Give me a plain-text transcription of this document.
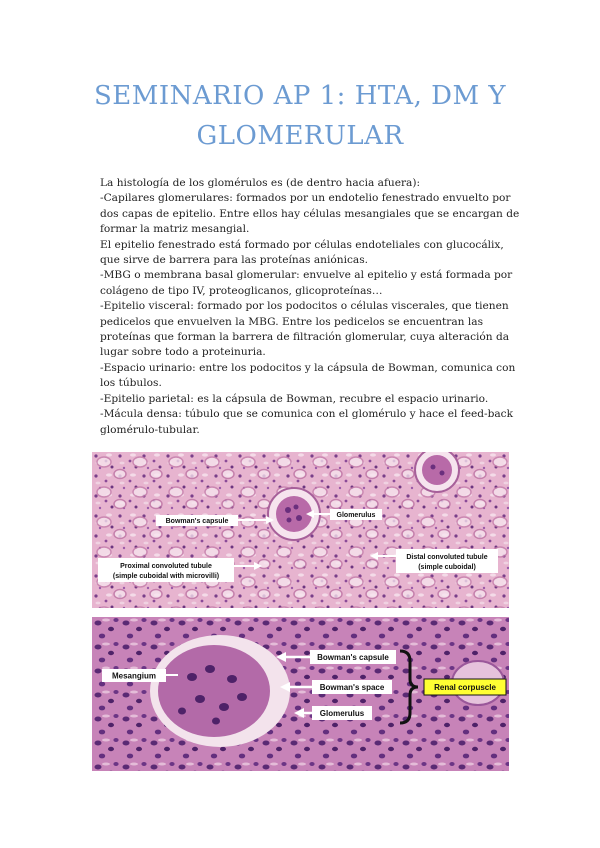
SEMINARIO AP 1: HTA, DM Y
GLOMERULAR

La histología de los glomérulos es (de dentro hacia afuera):

-Capilares glomerulares: formados por un endotelio fenestrado envuelto por dos capas de epitelio. Entre ellos hay células mesangiales que se encargan de formar la matriz mesangial.

El epitelio fenestrado está formado por células endoteliales con glucocálix, que sirve de barrera para las proteínas aniónicas.

-MBG o membrana basal glomerular: envuelve al epitelio y está formada por colágeno de tipo IV, proteoglicanos, glicoproteínas…

-Epitelio visceral: formado por los podocitos o células viscerales, que tienen pedicelos que envuelven la MBG. Entre los pedicelos se encuentran las proteínas que forman la barrera de filtración glomerular, cuya alteración da lugar sobre todo a proteinuria.

-Espacio urinario: entre los podocitos y la cápsula de Bowman, comunica con los túbulos.

-Epitelio parietal: es la cápsula de Bowman, recubre el espacio urinario.

-Mácula densa: túbulo que se comunica con el glomérulo y hace el feed-back glomérulo-tubular.

Bowman's capsule
Glomerulus
Proximal convoluted tubule
(simple cuboidal with microvilli)
Distal convoluted tubule
(simple cuboidal)
Mesangium
Bowman's capsule
Bowman's space
Glomerulus
Renal corpuscle
